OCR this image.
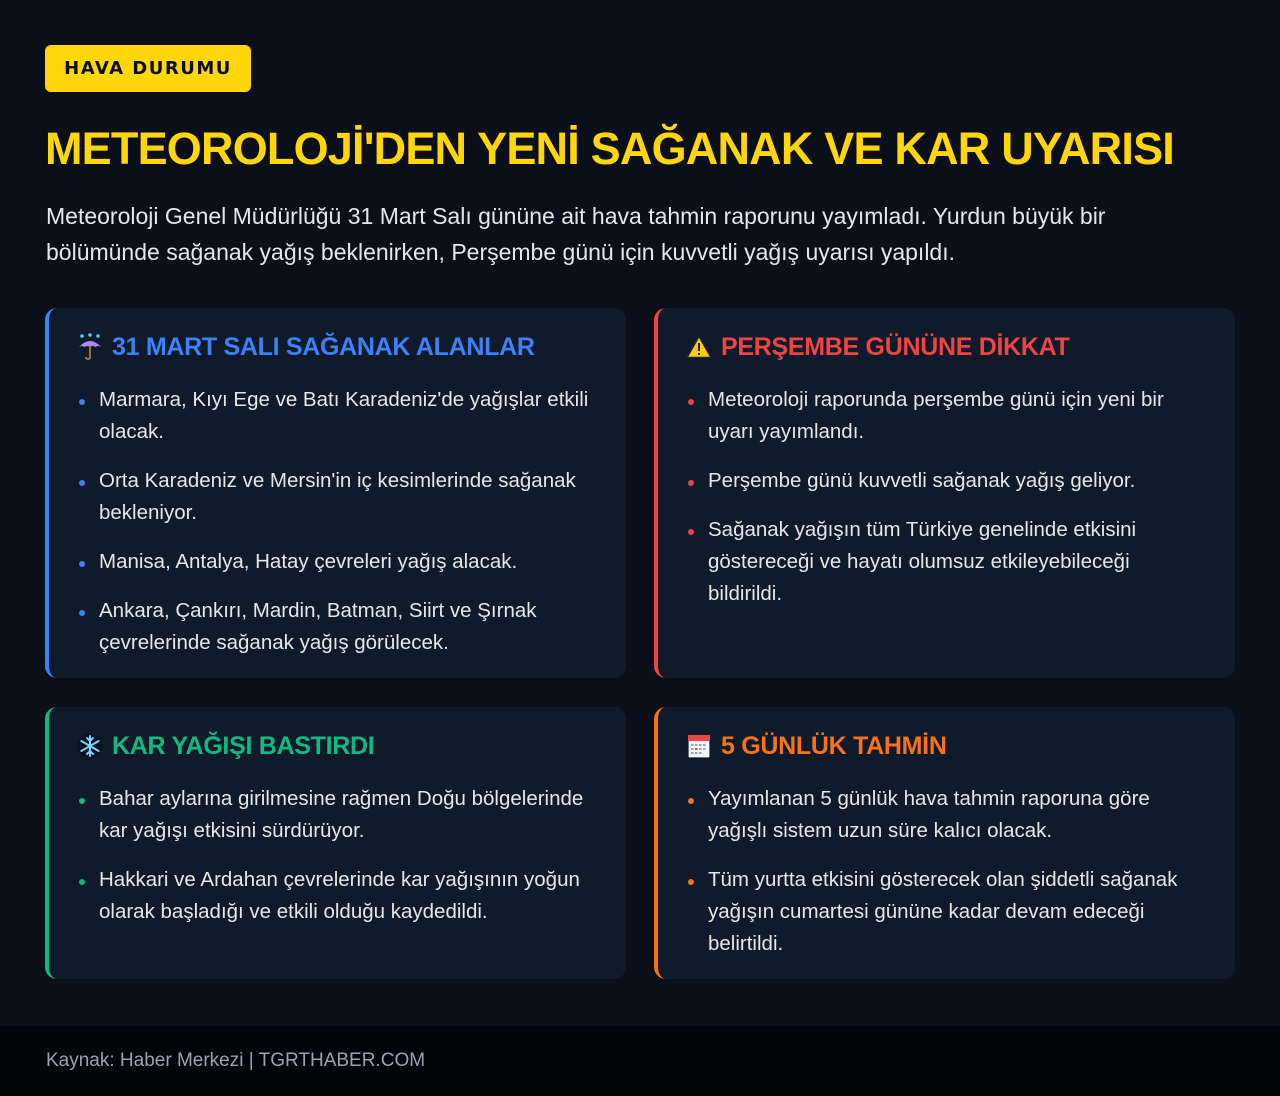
HAVA DURUMU
METEOROLOJİ'DEN YENİ SAĞANAK VE KAR UYARISI

Meteoroloji Genel Müdürlüğü 31 Mart Salı gününe ait hava tahmin raporunu yayımladı. Yurdun büyük bir bölümünde sağanak yağış beklenirken, Perşembe günü için kuvvetli yağış uyarısı yapıldı.

31 MART SALI SAĞANAK ALANLAR
Marmara, Kıyı Ege ve Batı Karadeniz'de yağışlar etkili olacak.
Orta Karadeniz ve Mersin'in iç kesimlerinde sağanak bekleniyor.
Manisa, Antalya, Hatay çevreleri yağış alacak.
Ankara, Çankırı, Mardin, Batman, Siirt ve Şırnak çevrelerinde sağanak yağış görülecek.
PERŞEMBE GÜNÜNE DİKKAT
Meteoroloji raporunda perşembe günü için yeni bir uyarı yayımlandı.
Perşembe günü kuvvetli sağanak yağış geliyor.
Sağanak yağışın tüm Türkiye genelinde etkisini göstereceği ve hayatı olumsuz etkileyebileceği bildirildi.
KAR YAĞIŞI BASTIRDI
Bahar aylarına girilmesine rağmen Doğu bölgelerinde kar yağışı etkisini sürdürüyor.
Hakkari ve Ardahan çevrelerinde kar yağışının yoğun olarak başladığı ve etkili olduğu kaydedildi.
5 GÜNLÜK TAHMİN
Yayımlanan 5 günlük hava tahmin raporuna göre yağışlı sistem uzun süre kalıcı olacak.
Tüm yurtta etkisini gösterecek olan şiddetli sağanak yağışın cumartesi gününe kadar devam edeceği belirtildi.
Kaynak: Haber Merkezi | TGRTHABER.COM
